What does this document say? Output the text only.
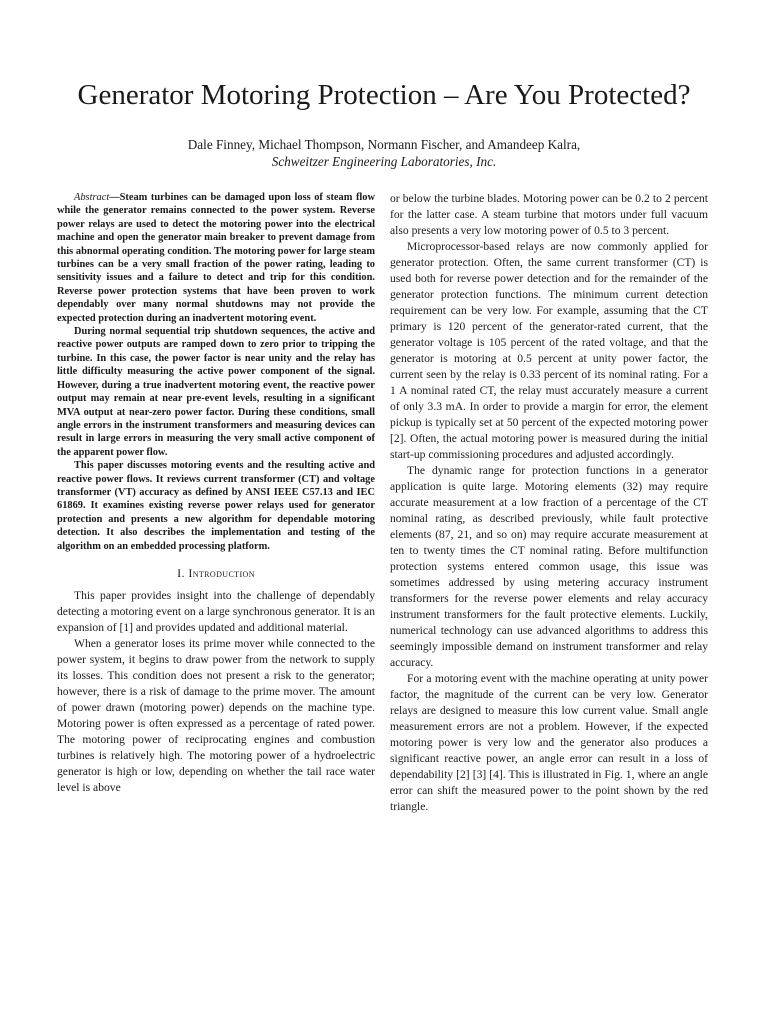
Generator Motoring Protection – Are You Protected?
Dale Finney, Michael Thompson, Normann Fischer, and Amandeep Kalra,
Schweitzer Engineering Laboratories, Inc.

Abstract—Steam turbines can be damaged upon loss of steam flow while the generator remains connected to the power system. Reverse power relays are used to detect the motoring power into the electrical machine and open the generator main breaker to prevent damage from this abnormal operating condition. The motoring power for large steam turbines can be a very small fraction of the power rating, leading to sensitivity issues and a failure to detect and trip for this condition. Reverse power protection systems that have been proven to work dependably over many normal shutdowns may not provide the expected protection during an inadvertent motoring event.

During normal sequential trip shutdown sequences, the active and reactive power outputs are ramped down to zero prior to tripping the turbine. In this case, the power factor is near unity and the relay has little difficulty measuring the active power component of the signal. However, during a true inadvertent motoring event, the reactive power output may remain at near pre-event levels, resulting in a significant MVA output at near-zero power factor. During these conditions, small angle errors in the instrument transformers and measuring devices can result in large errors in measuring the very small active component of the apparent power flow.

This paper discusses motoring events and the resulting active and reactive power flows. It reviews current transformer (CT) and voltage transformer (VT) accuracy as defined by ANSI IEEE C57.13 and IEC 61869. It examines existing reverse power relays used for generator protection and presents a new algorithm for dependable motoring detection. It also describes the implementation and testing of the algorithm on an embedded processing platform.

I. Introduction

This paper provides insight into the challenge of dependably detecting a motoring event on a large synchronous generator. It is an expansion of [1] and provides updated and additional material.

When a generator loses its prime mover while connected to the power system, it begins to draw power from the network to supply its losses. This condition does not present a risk to the generator; however, there is a risk of damage to the prime mover. The amount of power drawn (motoring power) depends on the machine type. Motoring power is often expressed as a percentage of rated power. The motoring power of reciprocating engines and combustion turbines is relatively high. The motoring power of a hydroelectric generator is high or low, depending on whether the tail race water level is above

or below the turbine blades. Motoring power can be 0.2 to 2 percent for the latter case. A steam turbine that motors under full vacuum also presents a very low motoring power of 0.5 to 3 percent.

Microprocessor-based relays are now commonly applied for generator protection. Often, the same current transformer (CT) is used both for reverse power detection and for the remainder of the generator protection functions. The minimum current detection requirement can be very low. For example, assuming that the CT primary is 120 percent of the generator-rated current, that the generator voltage is 105 percent of the rated voltage, and that the generator is motoring at 0.5 percent at unity power factor, the current seen by the relay is 0.33 percent of its nominal rating. For a 1 A nominal rated CT, the relay must accurately measure a current of only 3.3 mA. In order to provide a margin for error, the element pickup is typically set at 50 percent of the expected motoring power [2]. Often, the actual motoring power is measured during the initial start-up commissioning procedures and adjusted accordingly.

The dynamic range for protection functions in a generator application is quite large. Motoring elements (32) may require accurate measurement at a low fraction of a percentage of the CT nominal rating, as described previously, while fault protective elements (87, 21, and so on) may require accurate measurement at ten to twenty times the CT nominal rating. Before multifunction protection systems entered common usage, this issue was sometimes addressed by using metering accuracy instrument transformers for the reverse power elements and relay accuracy instrument transformers for the fault protective elements. Luckily, numerical technology can use advanced algorithms to address this seemingly impossible demand on instrument transformer and relay accuracy.

For a motoring event with the machine operating at unity power factor, the magnitude of the current can be very low. Generator relays are designed to measure this low current value. Small angle measurement errors are not a problem. However, if the expected motoring power is very low and the generator also produces a significant reactive power, an angle error can result in a loss of dependability [2] [3] [4]. This is illustrated in Fig. 1, where an angle error can shift the measured power to the point shown by the red triangle.
